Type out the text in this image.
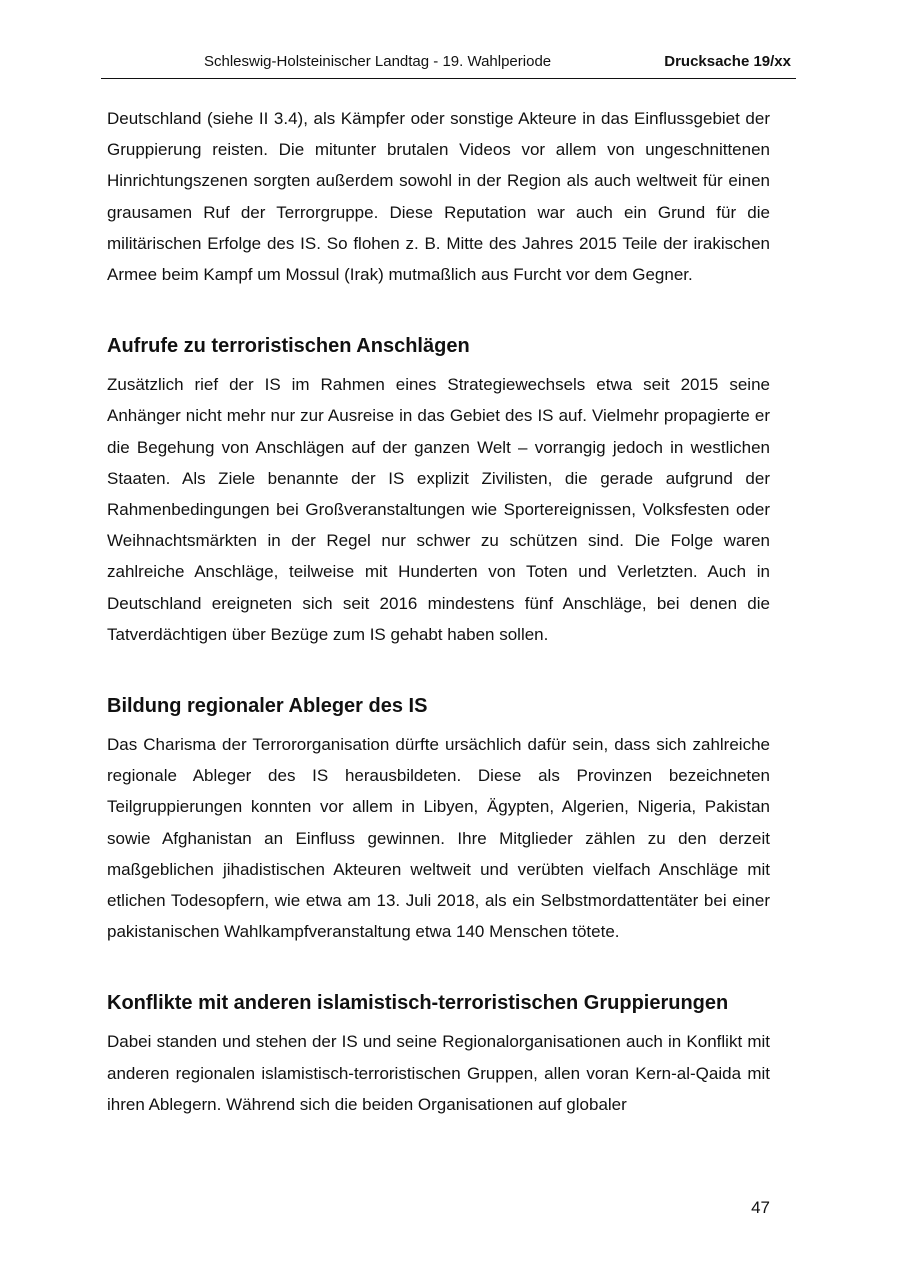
Schleswig-Holsteinischer Landtag - 19. Wahlperiode	Drucksache 19/xx

Deutschland (siehe II 3.4), als Kämpfer oder sonstige Akteure in das Einflussgebiet der Gruppierung reisten. Die mitunter brutalen Videos vor allem von ungeschnittenen Hinrichtungszenen sorgten außerdem sowohl in der Region als auch weltweit für einen grausamen Ruf der Terrorgruppe. Diese Reputation war auch ein Grund für die militärischen Erfolge des IS. So flohen z. B. Mitte des Jahres 2015 Teile der irakischen Armee beim Kampf um Mossul (Irak) mutmaßlich aus Furcht vor dem Gegner.

Aufrufe zu terroristischen Anschlägen

Zusätzlich rief der IS im Rahmen eines Strategiewechsels etwa seit 2015 seine Anhänger nicht mehr nur zur Ausreise in das Gebiet des IS auf. Vielmehr propagierte er die Begehung von Anschlägen auf der ganzen Welt – vorrangig jedoch in westlichen Staaten. Als Ziele benannte der IS explizit Zivilisten, die gerade aufgrund der Rahmenbedingungen bei Großveranstaltungen wie Sportereignissen, Volksfesten oder Weihnachtsmärkten in der Regel nur schwer zu schützen sind. Die Folge waren zahlreiche Anschläge, teilweise mit Hunderten von Toten und Verletzten. Auch in Deutschland ereigneten sich seit 2016 mindestens fünf Anschläge, bei denen die Tatverdächtigen über Bezüge zum IS gehabt haben sollen.

Bildung regionaler Ableger des IS

Das Charisma der Terrororganisation dürfte ursächlich dafür sein, dass sich zahlreiche regionale Ableger des IS herausbildeten. Diese als Provinzen bezeichneten Teilgruppierungen konnten vor allem in Libyen, Ägypten, Algerien, Nigeria, Pakistan sowie Afghanistan an Einfluss gewinnen. Ihre Mitglieder zählen zu den derzeit maßgeblichen jihadistischen Akteuren weltweit und verübten vielfach Anschläge mit etlichen Todesopfern, wie etwa am 13. Juli 2018, als ein Selbstmordattentäter bei einer pakistanischen Wahlkampfveranstaltung etwa 140 Menschen tötete.

Konflikte mit anderen islamistisch-terroristischen Gruppierungen

Dabei standen und stehen der IS und seine Regionalorganisationen auch in Konflikt mit anderen regionalen islamistisch-terroristischen Gruppen, allen voran Kern-al-Qaida mit ihren Ablegern. Während sich die beiden Organisationen auf globaler

47
